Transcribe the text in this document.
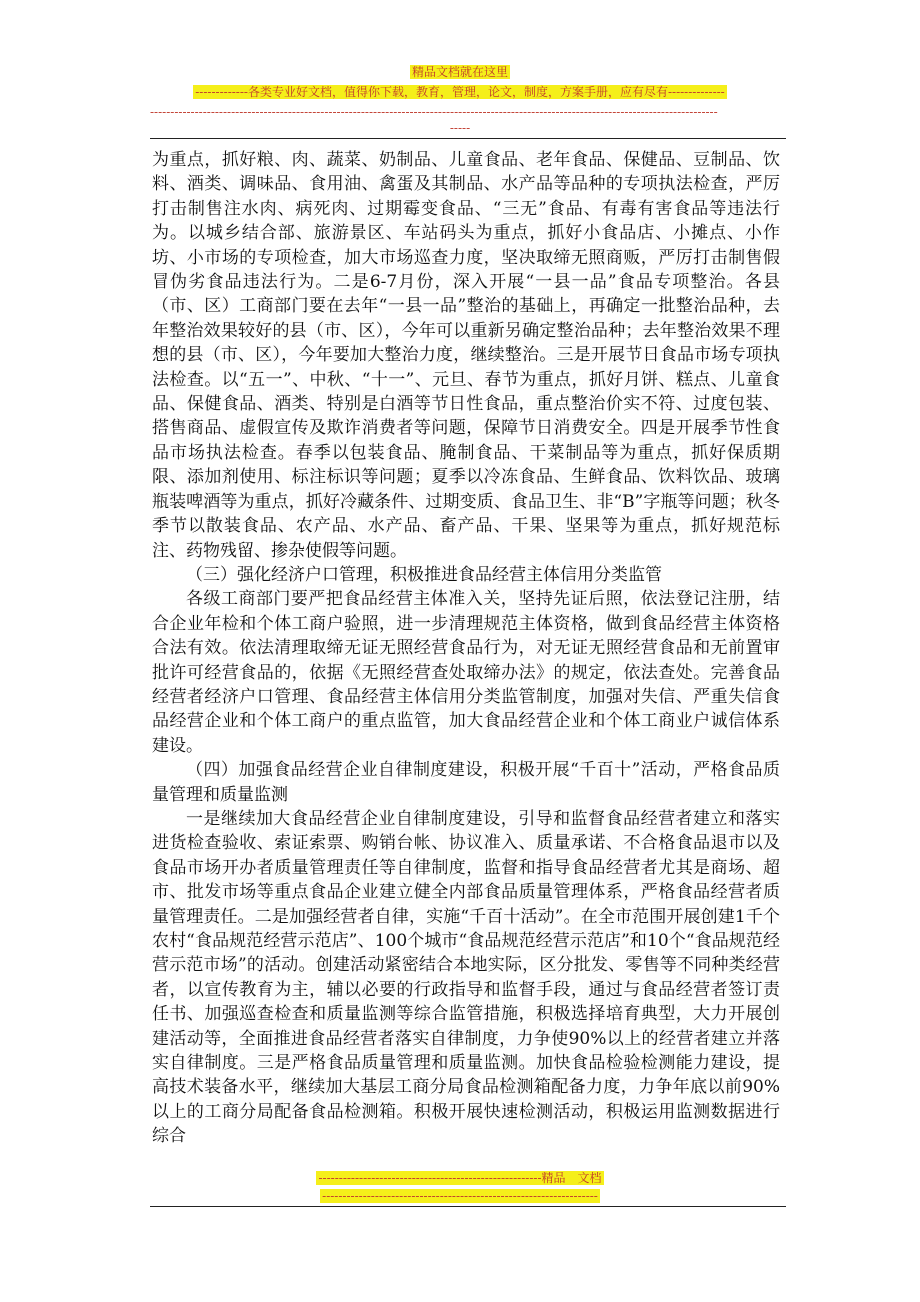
精品文档就在这里
-------------各类专业好文档，值得你下载，教育，管理，论文，制度，方案手册，应有尽有--------------
--------------------------------------------------------------------------------------------------------------------------------------------
-----

为重点，抓好粮、肉、蔬菜、奶制品、儿童食品、老年食品、保健品、豆制品、饮料、酒类、调味品、食用油、禽蛋及其制品、水产品等品种的专项执法检查，严厉打击制售注水肉、病死肉、过期霉变食品、“三无”食品、有毒有害食品等违法行为。以城乡结合部、旅游景区、车站码头为重点，抓好小食品店、小摊点、小作坊、小市场的专项检查，加大市场巡查力度，坚决取缔无照商贩，严厉打击制售假冒伪劣食品违法行为。二是6-7月份，深入开展“一县一品”食品专项整治。各县（市、区）工商部门要在去年“一县一品”整治的基础上，再确定一批整治品种，去年整治效果较好的县（市、区），今年可以重新另确定整治品种；去年整治效果不理想的县（市、区），今年要加大整治力度，继续整治。三是开展节日食品市场专项执法检查。以“五一”、中秋、“十一”、元旦、春节为重点，抓好月饼、糕点、儿童食品、保健食品、酒类、特别是白酒等节日性食品，重点整治价实不符、过度包装、搭售商品、虚假宣传及欺诈消费者等问题，保障节日消费安全。四是开展季节性食品市场执法检查。春季以包装食品、腌制食品、干菜制品等为重点，抓好保质期限、添加剂使用、标注标识等问题；夏季以冷冻食品、生鲜食品、饮料饮品、玻璃瓶装啤酒等为重点，抓好冷藏条件、过期变质、食品卫生、非“B”字瓶等问题；秋冬季节以散装食品、农产品、水产品、畜产品、干果、坚果等为重点，抓好规范标注、药物残留、掺杂使假等问题。

（三）强化经济户口管理，积极推进食品经营主体信用分类监管

各级工商部门要严把食品经营主体准入关，坚持先证后照，依法登记注册，结合企业年检和个体工商户验照，进一步清理规范主体资格，做到食品经营主体资格合法有效。依法清理取缔无证无照经营食品行为，对无证无照经营食品和无前置审批许可经营食品的，依据《无照经营查处取缔办法》的规定，依法查处。完善食品经营者经济户口管理、食品经营主体信用分类监管制度，加强对失信、严重失信食品经营企业和个体工商户的重点监管，加大食品经营企业和个体工商业户诚信体系建设。

（四）加强食品经营企业自律制度建设，积极开展“千百十”活动，严格食品质量管理和质量监测

一是继续加大食品经营企业自律制度建设，引导和监督食品经营者建立和落实进货检查验收、索证索票、购销台帐、协议准入、质量承诺、不合格食品退市以及食品市场开办者质量管理责任等自律制度，监督和指导食品经营者尤其是商场、超市、批发市场等重点食品企业建立健全内部食品质量管理体系，严格食品经营者质量管理责任。二是加强经营者自律，实施“千百十活动”。在全市范围开展创建1千个农村“食品规范经营示范店”、100个城市“食品规范经营示范店”和10个“食品规范经营示范市场”的活动。创建活动紧密结合本地实际，区分批发、零售等不同种类经营者，以宣传教育为主，辅以必要的行政指导和监督手段，通过与食品经营者签订责任书、加强巡查检查和质量监测等综合监管措施，积极选择培育典型，大力开展创建活动等，全面推进食品经营者落实自律制度，力争使90%以上的经营者建立并落实自律制度。三是严格食品质量管理和质量监测。加快食品检验检测能力建设，提高技术装备水平，继续加大基层工商分局食品检测箱配备力度，力争年底以前90%以上的工商分局配备食品检测箱。积极开展快速检测活动，积极运用监测数据进行综合

-------------------------------------------------------精品　文档
--------------------------------------------------------------------
